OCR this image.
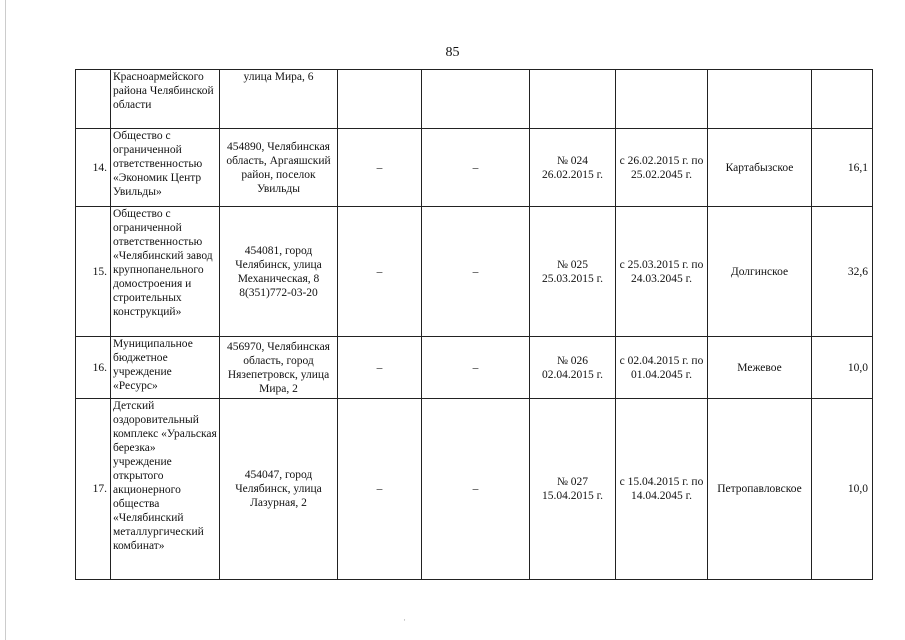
85
	Красноармейского района Челябинской области	улица Мира, 6						
14.	Общество с ограниченной ответственностью «Экономик Центр Увильды»	454890, Челябинская область, Аргаяшский район, поселок Увильды	–	–	№ 024 26.02.2015 г.	с 26.02.2015 г. по 25.02.2045 г.	Картабызское	16,1
15.	Общество с ограниченной ответственностью «Челябинский завод крупнопанельного домостроения и строительных конструкций»	454081, город Челябинск, улица Механическая, 8 8(351)772-03-20	–	–	№ 025 25.03.2015 г.	с 25.03.2015 г. по 24.03.2045 г.	Долгинское	32,6
16.	Муниципальное бюджетное учреждение «Ресурс»	456970, Челябинская область, город Нязепетровск, улица Мира, 2	–	–	№ 026 02.04.2015 г.	с 02.04.2015 г. по 01.04.2045 г.	Межевое	10,0
17.	Детский оздоровительный комплекс «Уральская березка» учреждение открытого акционерного общества «Челябинский металлургический комбинат»	454047, город Челябинск, улица Лазурная, 2	–	–	№ 027 15.04.2015 г.	с 15.04.2015 г. по 14.04.2045 г.	Петропавловское	10,0
·
